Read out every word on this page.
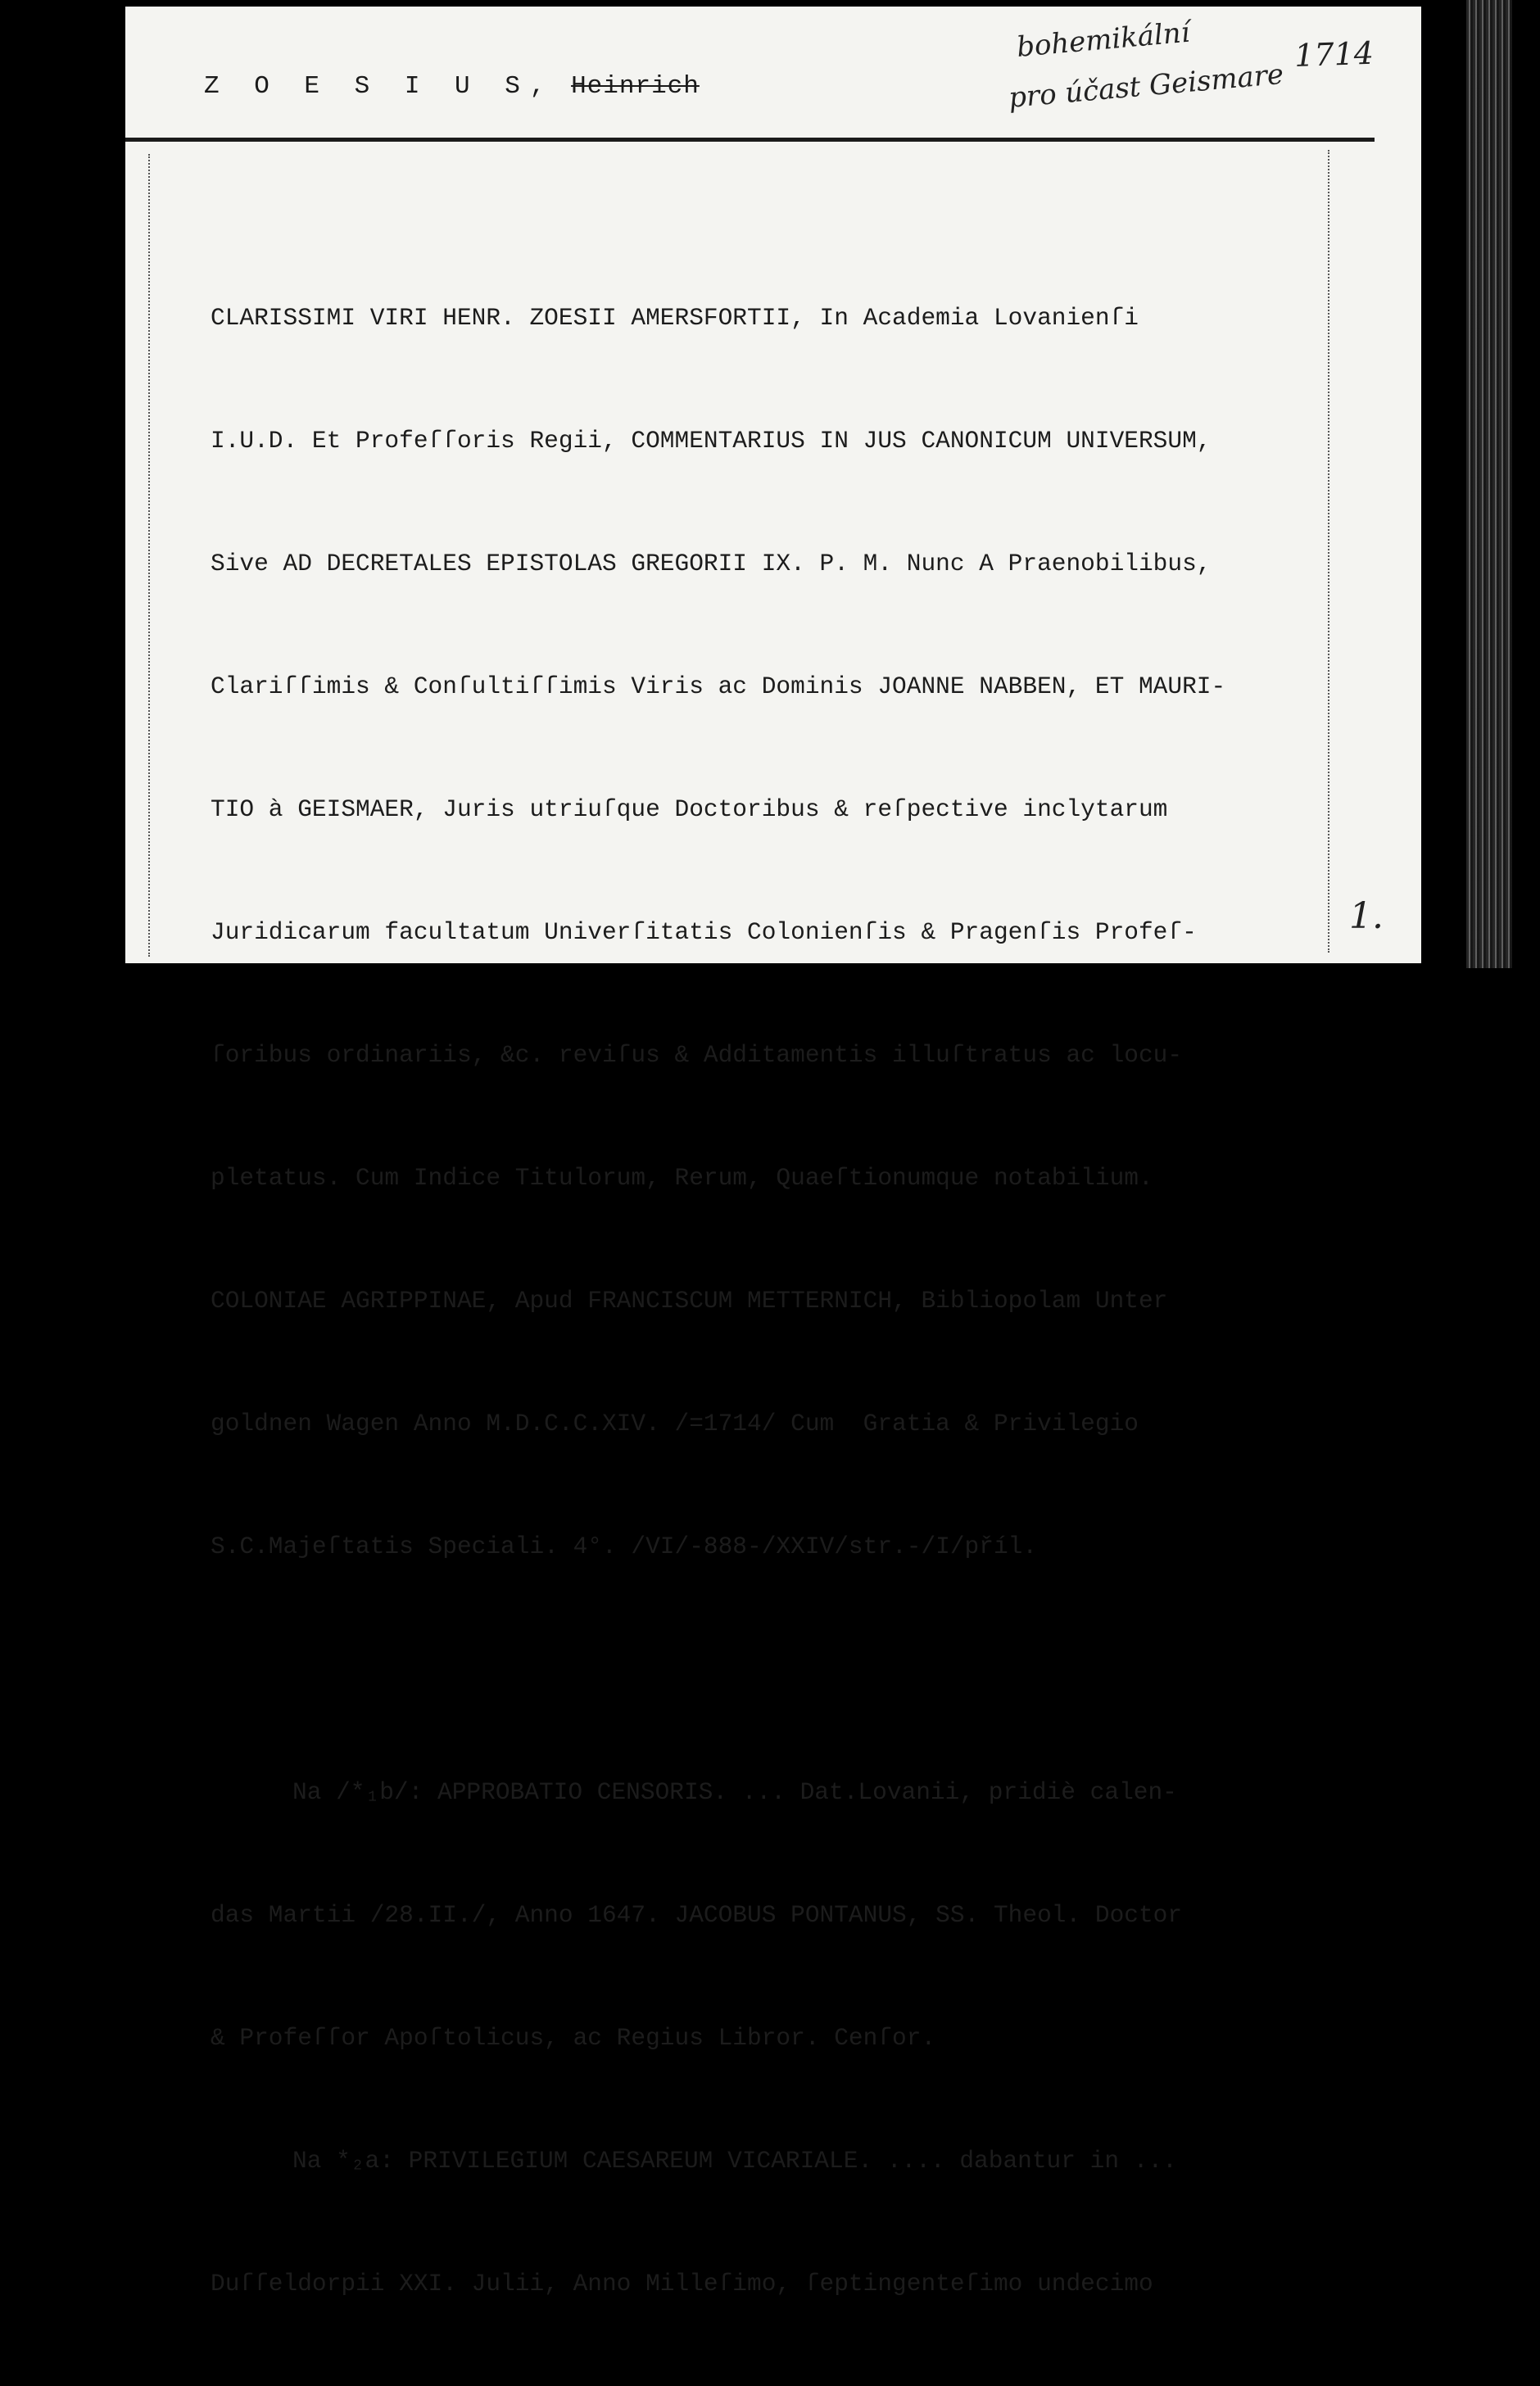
Z O E S I U S, Heinrich
bohemikální
pro účast Geismare
1714

CLARISSIMI VIRI HENR. ZOESII AMERSFORTII, In Academia Lovanienſi

I.U.D. Et Profeſſoris Regii, COMMENTARIUS IN JUS CANONICUM UNIVERSUM,

Sive AD DECRETALES EPISTOLAS GREGORII IX. P. M. Nunc A Praenobilibus,

Clariſſimis & Conſultiſſimis Viris ac Dominis JOANNE NABBEN, ET MAURI-

TIO à GEISMAER, Juris utriuſque Doctoribus & reſpective inclytarum

Juridicarum facultatum Univerſitatis Colonienſis & Pragenſis Profeſ-

ſoribus ordinariis, &c. reviſus & Additamentis illuſtratus ac locu-

pletatus. Cum Indice Titulorum, Rerum, Quaeſtionumque notabilium.

COLONIAE AGRIPPINAE, Apud FRANCISCUM METTERNICH, Bibliopolam Unter

goldnen Wagen Anno M.D.C.C.XIV. /=1714/ Cum  Gratia & Privilegio

S.C.Majeſtatis Speciali. 4°. /VI/-888-/XXIV/str.-/I/příl.

Na /*₁b/: APPROBATIO CENSORIS. ... Dat.Lovanii, pridiè calen-

das Martii /28.II./, Anno 1647. JACOBUS PONTANUS, SS. Theol. Doctor

& Profeſſor Apoſtolicus, ac Regius Libror. Cenſor.

Na *₂a: PRIVILEGIUM CAESAREUM VICARIALE. .... dabantur in ...

Duſſeldorpii XXI. Julii, Anno Milleſimo, ſeptingenteſimo undecimo

1.
